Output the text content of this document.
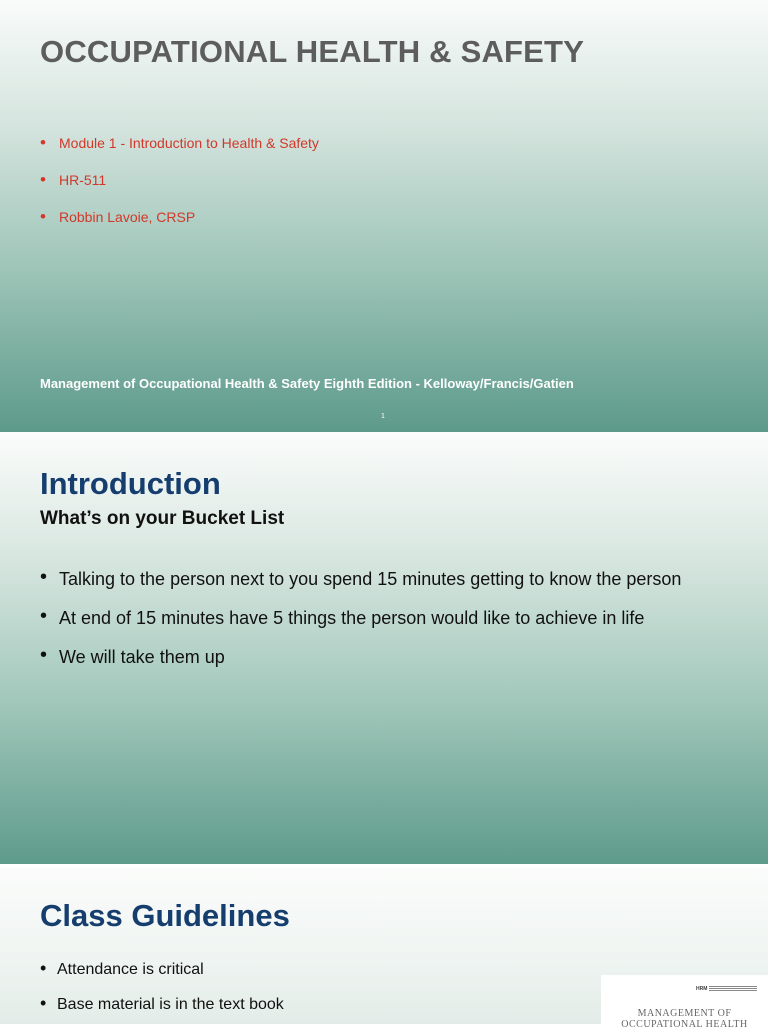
OCCUPATIONAL HEALTH & SAFETY
• Module 1 - Introduction to Health & Safety
• HR-511
• Robbin Lavoie, CRSP
Management of Occupational Health & Safety Eighth Edition - Kelloway/Francis/Gatien
1
Introduction
What’s on your Bucket List
• Talking to the person next to you spend 15 minutes getting to know the person
• At end of 15 minutes have 5 things the person would like to achieve in life
• We will take them up
Class Guidelines
• Attendance is critical
• Base material is in the text book
HRM
MANAGEMENT OF OCCUPATIONAL HEALTH
